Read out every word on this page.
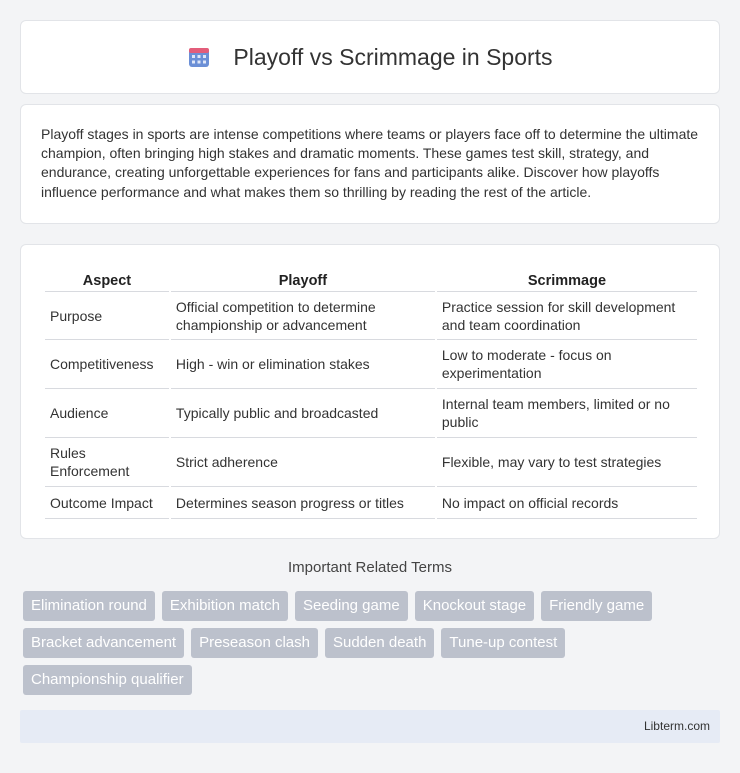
Playoff vs Scrimmage in Sports

Playoff stages in sports are intense competitions where teams or players face off to determine the ultimate champion, often bringing high stakes and dramatic moments. These games test skill, strategy, and endurance, creating unforgettable experiences for fans and participants alike. Discover how playoffs influence performance and what makes them so thrilling by reading the rest of the article.

Aspect	Playoff	Scrimmage
Purpose	Official competition to determine championship or advancement	Practice session for skill development and team coordination
Competitiveness	High - win or elimination stakes	Low to moderate - focus on experimentation
Audience	Typically public and broadcasted	Internal team members, limited or no public
Rules Enforcement	Strict adherence	Flexible, may vary to test strategies
Outcome Impact	Determines season progress or titles	No impact on official records
Important Related Terms
Elimination round	Exhibition match	Seeding game	Knockout stage	Friendly game
Bracket advancement	Preseason clash	Sudden death	Tune-up contest
Championship qualifier
Libterm.com
